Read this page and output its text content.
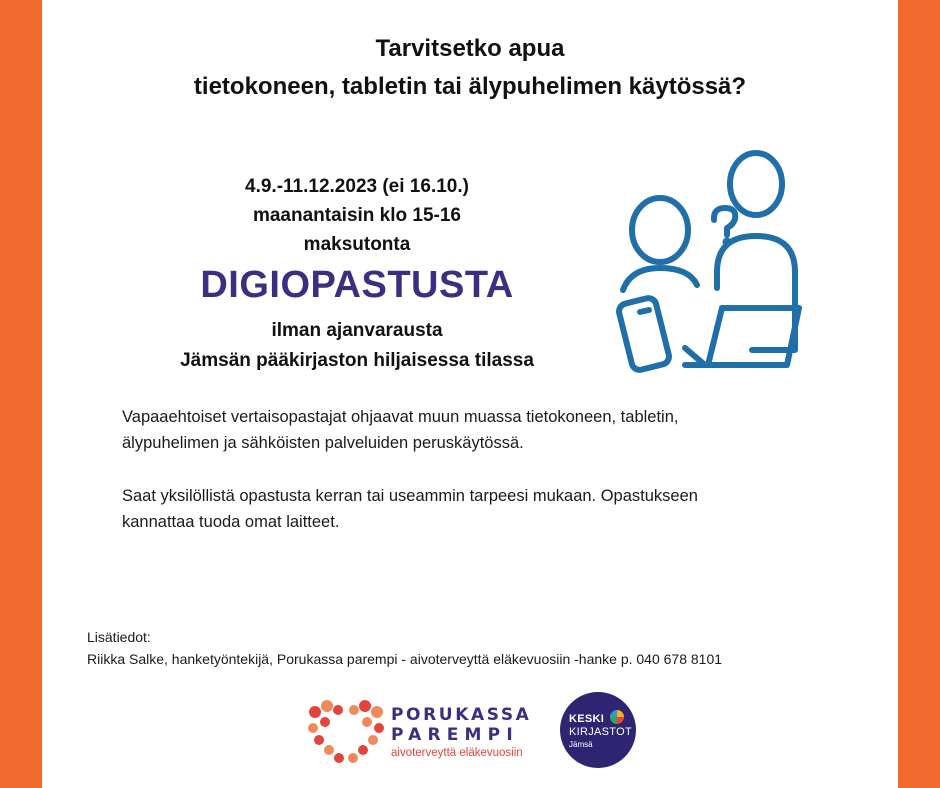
Tarvitsetko apua
tietokoneen, tabletin tai älypuhelimen käytössä?
4.9.-11.12.2023 (ei 16.10.)
maanantaisin klo 15-16
maksutonta
DIGIOPASTUSTA
ilman ajanvarausta
Jämsän pääkirjaston hiljaisessa tilassa
Vapaaehtoiset vertaisopastajat ohjaavat muun muassa tietokoneen, tabletin,
älypuhelimen ja sähköisten palveluiden peruskäytössä.
Saat yksilöllistä opastusta kerran tai useammin tarpeesi mukaan. Opastukseen
kannattaa tuoda omat laitteet.
Lisätiedot:
Riikka Salke, hanketyöntekijä, Porukassa parempi - aivoterveyttä eläkevuosiin -hanke p. 040 678 8101
PORUKASSA
PAREMPI
aivoterveyttä eläkevuosiin
KESKI
KIRJASTOT
Jämsä
